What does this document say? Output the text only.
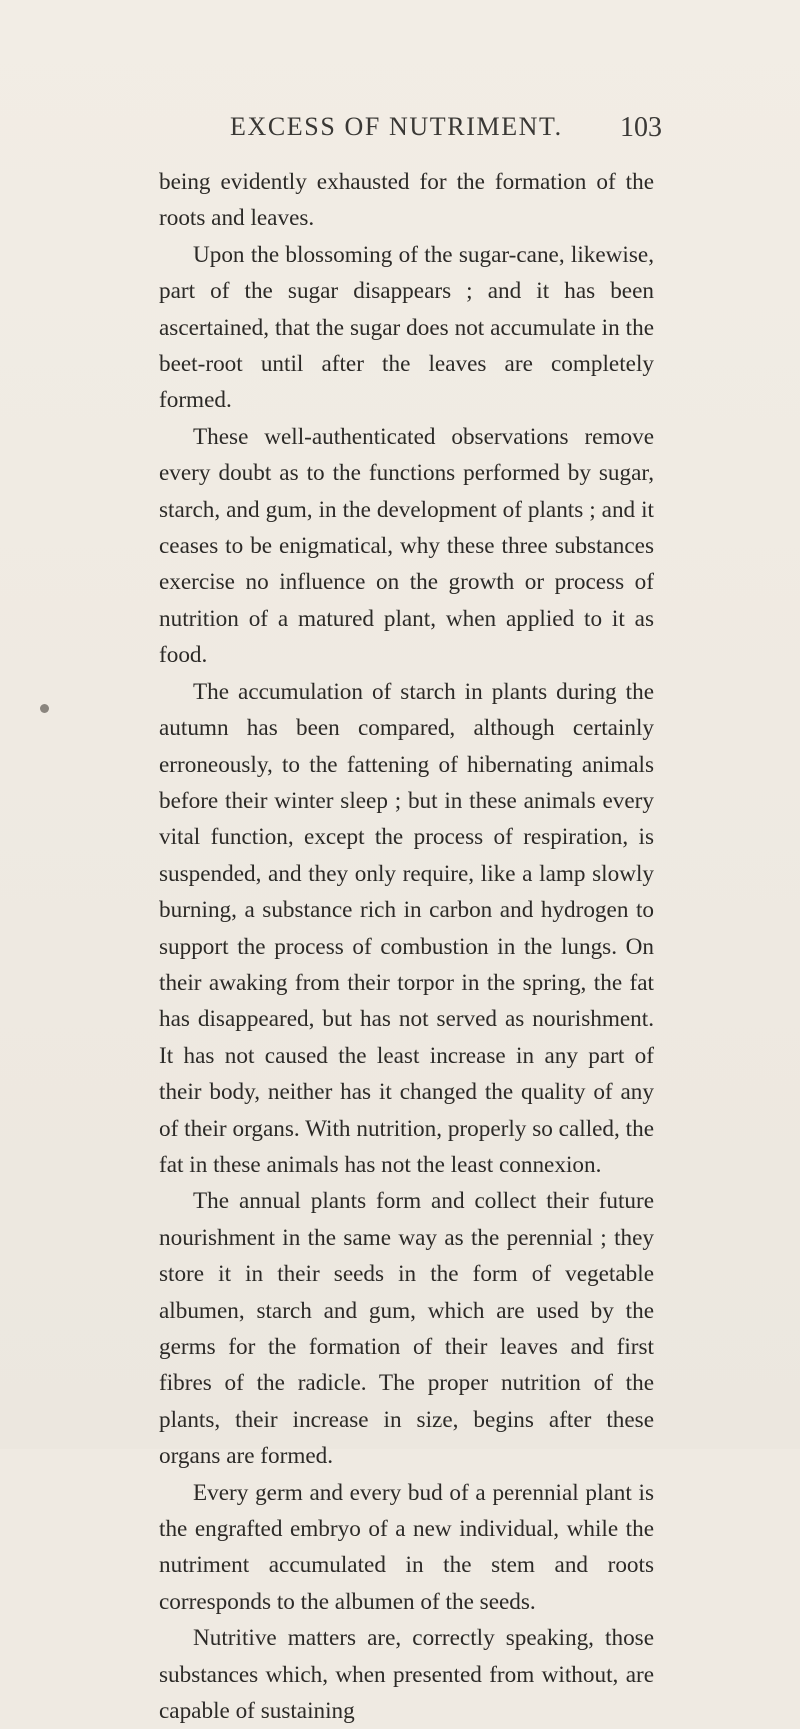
EXCESS OF NUTRIMENT. 103

being evidently exhausted for the formation of the roots and leaves.

Upon the blossoming of the sugar-cane, likewise, part of the sugar disappears ; and it has been ascertained, that the sugar does not accumulate in the beet-root until after the leaves are completely formed.

These well-authenticated observations remove every doubt as to the functions performed by sugar, starch, and gum, in the development of plants ; and it ceases to be enigmatical, why these three substances exercise no influence on the growth or process of nutrition of a matured plant, when applied to it as food.

The accumulation of starch in plants during the autumn has been compared, although certainly erroneously, to the fattening of hibernating animals before their winter sleep ; but in these animals every vital function, except the process of respiration, is suspended, and they only require, like a lamp slowly burning, a substance rich in carbon and hydrogen to support the process of combustion in the lungs. On their awaking from their torpor in the spring, the fat has disappeared, but has not served as nourishment. It has not caused the least increase in any part of their body, neither has it changed the quality of any of their organs. With nutrition, properly so called, the fat in these animals has not the least connexion.

The annual plants form and collect their future nourishment in the same way as the perennial ; they store it in their seeds in the form of vegetable albumen, starch and gum, which are used by the germs for the formation of their leaves and first fibres of the radicle. The proper nutrition of the plants, their increase in size, begins after these organs are formed.

Every germ and every bud of a perennial plant is the engrafted embryo of a new individual, while the nutriment accumulated in the stem and roots corresponds to the albumen of the seeds.

Nutritive matters are, correctly speaking, those substances which, when presented from without, are capable of sustaining
